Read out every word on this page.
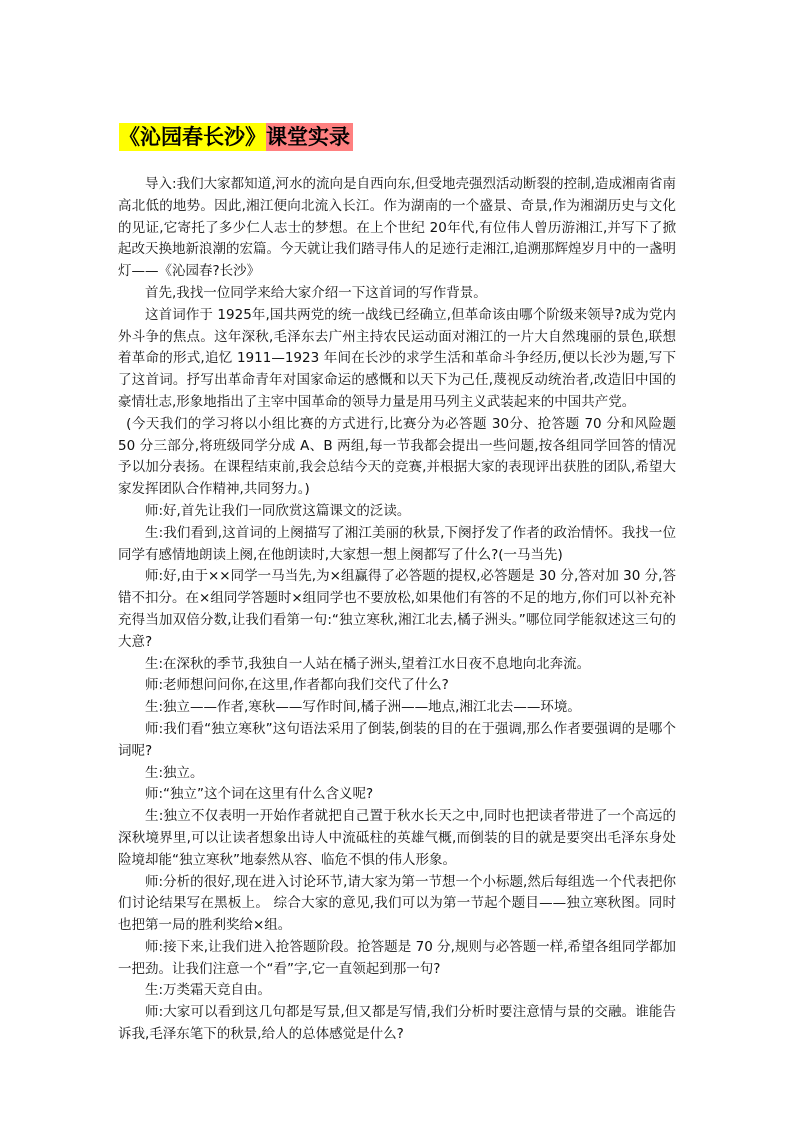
《沁园春长沙》课堂实录

导入:我们大家都知道,河水的流向是自西向东,但受地壳强烈活动断裂的控制,造成湘南省南高北低的地势。因此,湘江便向北流入长江。作为湖南的一个盛景、奇景,作为湘湖历史与文化的见证,它寄托了多少仁人志士的梦想。在上个世纪 20年代,有位伟人曾历游湘江,并写下了掀起改天换地新浪潮的宏篇。今天就让我们踏寻伟人的足迹行走湘江,追溯那辉煌岁月中的一盏明灯——《沁园春?长沙》

首先,我找一位同学来给大家介绍一下这首词的写作背景。

这首词作于 1925年,国共两党的统一战线已经确立,但革命该由哪个阶级来领导?成为党内外斗争的焦点。这年深秋,毛泽东去广州主持农民运动面对湘江的一片大自然瑰丽的景色,联想着革命的形式,追忆 1911—1923 年间在长沙的求学生活和革命斗争经历,便以长沙为题,写下了这首词。抒写出革命青年对国家命运的感慨和以天下为己任,蔑视反动统治者,改造旧中国的豪情壮志,形象地指出了主宰中国革命的领导力量是用马列主义武装起来的中国共产党。

(今天我们的学习将以小组比赛的方式进行,比赛分为必答题 30分、抢答题 70 分和风险题 50 分三部分,将班级同学分成 A、B 两组,每一节我都会提出一些问题,按各组同学回答的情况予以加分表扬。在课程结束前,我会总结今天的竞赛,并根据大家的表现评出获胜的团队,希望大家发挥团队合作精神,共同努力。)

师:好,首先让我们一同欣赏这篇课文的泛读。

生:我们看到,这首词的上阕描写了湘江美丽的秋景,下阕抒发了作者的政治情怀。我找一位同学有感情地朗读上阕,在他朗读时,大家想一想上阕都写了什么?(一马当先)

师:好,由于××同学一马当先,为×组赢得了必答题的提权,必答题是 30 分,答对加 30 分,答错不扣分。在×组同学答题时×组同学也不要放松,如果他们有答的不足的地方,你们可以补充补充得当加双倍分数,让我们看第一句:“独立寒秋,湘江北去,橘子洲头。”哪位同学能叙述这三句的大意?

生:在深秋的季节,我独自一人站在橘子洲头,望着江水日夜不息地向北奔流。

师:老师想问问你,在这里,作者都向我们交代了什么?

生:独立——作者,寒秋——写作时间,橘子洲——地点,湘江北去——环境。

师:我们看“独立寒秋”这句语法采用了倒装,倒装的目的在于强调,那么作者要强调的是哪个词呢?

生:独立。

师:“独立”这个词在这里有什么含义呢?

生:独立不仅表明一开始作者就把自己置于秋水长天之中,同时也把读者带进了一个高远的深秋境界里,可以让读者想象出诗人中流砥柱的英雄气概,而倒装的目的就是要突出毛泽东身处险境却能“独立寒秋”地泰然从容、临危不惧的伟人形象。

师:分析的很好,现在进入讨论环节,请大家为第一节想一个小标题,然后每组选一个代表把你们讨论结果写在黑板上。 综合大家的意见,我们可以为第一节起个题目——独立寒秋图。同时也把第一局的胜利奖给×组。

师:接下来,让我们进入抢答题阶段。抢答题是 70 分,规则与必答题一样,希望各组同学都加一把劲。让我们注意一个“看”字,它一直领起到那一句?

生:万类霜天竞自由。

师:大家可以看到这几句都是写景,但又都是写情,我们分析时要注意情与景的交融。谁能告诉我,毛泽东笔下的秋景,给人的总体感觉是什么?
